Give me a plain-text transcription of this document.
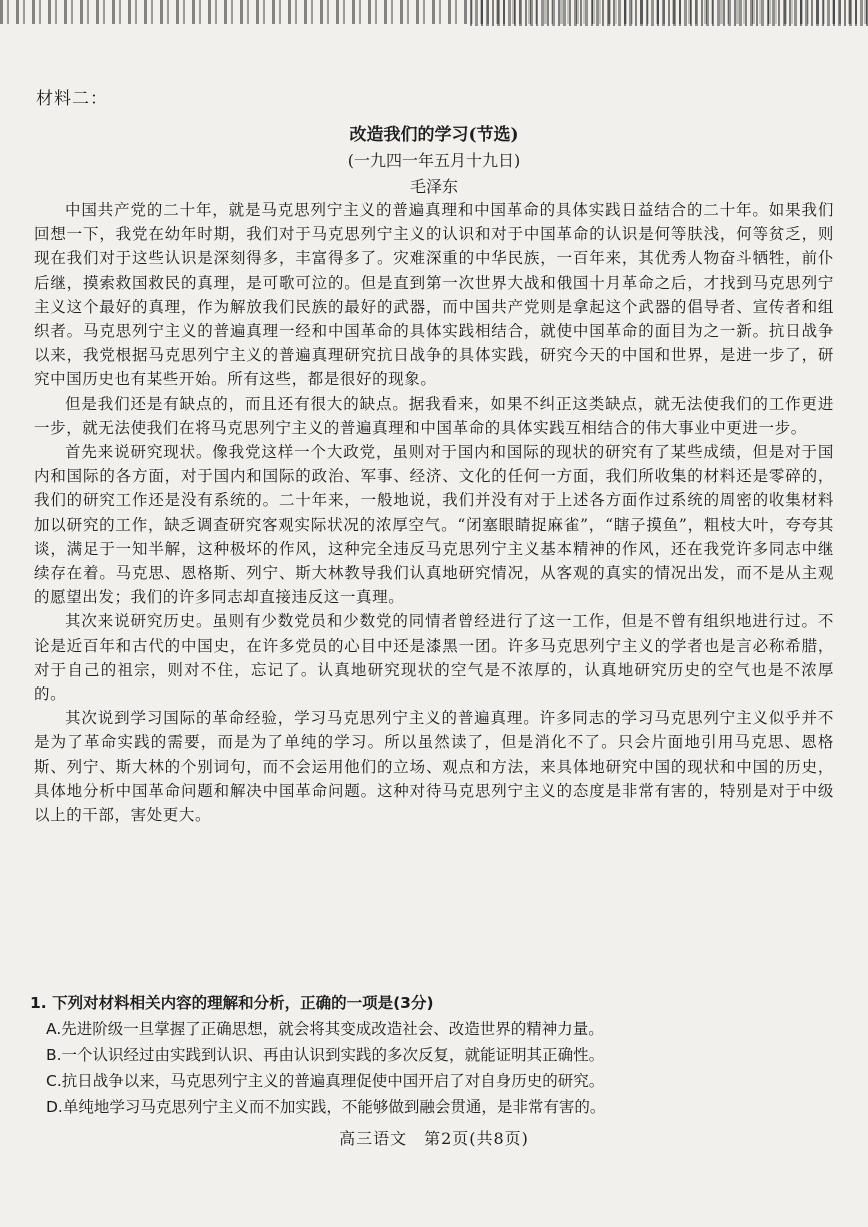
材料二：
改造我们的学习(节选)
(一九四一年五月十九日)
毛泽东

中国共产党的二十年，就是马克思列宁主义的普遍真理和中国革命的具体实践日益结合的二十年。如果我们回想一下，我党在幼年时期，我们对于马克思列宁主义的认识和对于中国革命的认识是何等肤浅，何等贫乏，则现在我们对于这些认识是深刻得多，丰富得多了。灾难深重的中华民族，一百年来，其优秀人物奋斗牺牲，前仆后继，摸索救国救民的真理，是可歌可泣的。但是直到第一次世界大战和俄国十月革命之后，才找到马克思列宁主义这个最好的真理，作为解放我们民族的最好的武器，而中国共产党则是拿起这个武器的倡导者、宣传者和组织者。马克思列宁主义的普遍真理一经和中国革命的具体实践相结合，就使中国革命的面目为之一新。抗日战争以来，我党根据马克思列宁主义的普遍真理研究抗日战争的具体实践，研究今天的中国和世界，是进一步了，研究中国历史也有某些开始。所有这些，都是很好的现象。

但是我们还是有缺点的，而且还有很大的缺点。据我看来，如果不纠正这类缺点，就无法使我们的工作更进一步，就无法使我们在将马克思列宁主义的普遍真理和中国革命的具体实践互相结合的伟大事业中更进一步。

首先来说研究现状。像我党这样一个大政党，虽则对于国内和国际的现状的研究有了某些成绩，但是对于国内和国际的各方面，对于国内和国际的政治、军事、经济、文化的任何一方面，我们所收集的材料还是零碎的，我们的研究工作还是没有系统的。二十年来，一般地说，我们并没有对于上述各方面作过系统的周密的收集材料加以研究的工作，缺乏调查研究客观实际状况的浓厚空气。“闭塞眼睛捉麻雀”，“瞎子摸鱼”，粗枝大叶，夸夸其谈，满足于一知半解，这种极坏的作风，这种完全违反马克思列宁主义基本精神的作风，还在我党许多同志中继续存在着。马克思、恩格斯、列宁、斯大林教导我们认真地研究情况，从客观的真实的情况出发，而不是从主观的愿望出发；我们的许多同志却直接违反这一真理。

其次来说研究历史。虽则有少数党员和少数党的同情者曾经进行了这一工作，但是不曾有组织地进行过。不论是近百年和古代的中国史，在许多党员的心目中还是漆黑一团。许多马克思列宁主义的学者也是言必称希腊，对于自己的祖宗，则对不住，忘记了。认真地研究现状的空气是不浓厚的，认真地研究历史的空气也是不浓厚的。

其次说到学习国际的革命经验，学习马克思列宁主义的普遍真理。许多同志的学习马克思列宁主义似乎并不是为了革命实践的需要，而是为了单纯的学习。所以虽然读了，但是消化不了。只会片面地引用马克思、恩格斯、列宁、斯大林的个别词句，而不会运用他们的立场、观点和方法，来具体地研究中国的现状和中国的历史，具体地分析中国革命问题和解决中国革命问题。这种对待马克思列宁主义的态度是非常有害的，特别是对于中级以上的干部，害处更大。

1. 下列对材料相关内容的理解和分析，正确的一项是(3分)
A.先进阶级一旦掌握了正确思想，就会将其变成改造社会、改造世界的精神力量。
B.一个认识经过由实践到认识、再由认识到实践的多次反复，就能证明其正确性。
C.抗日战争以来，马克思列宁主义的普遍真理促使中国开启了对自身历史的研究。
D.单纯地学习马克思列宁主义而不加实践，不能够做到融会贯通，是非常有害的。
高三语文　第2页(共8页)
